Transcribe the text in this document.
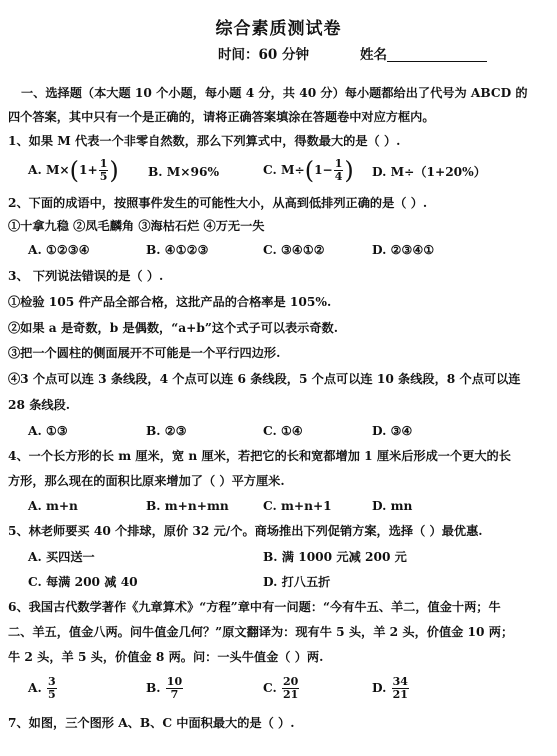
综合素质测试卷
时间：60 分钟	姓名
一、选择题（本大题 10 个小题，每小题 4 分，共 40 分）每小题都给出了代号为 ABCD 的
四个答案，其中只有一个是正确的，请将正确答案填涂在答题卷中对应方框内。
1、如果 M 代表一个非零自然数，那么下列算式中，得数最大的是（ ）.
A. $M\times(1+ \frac{1}{5}$ ) B. M×96%	C. $M\div(1- \frac{1}{4}$ ) D. M÷（1+20%）
2、下面的成语中，按照事件发生的可能性大小，从高到低排列正确的是（ ）.
①十拿九稳 ②凤毛麟角 ③海枯石烂 ④万无一失
A. ①②③④	B. ④①②③	C. ③④①②	D. ②③④①
3、 下列说法错误的是（ ）.
①检验 105 件产品全部合格，这批产品的合格率是 105%.
②如果 a 是奇数，b 是偶数，“a+b”这个式子可以表示奇数.
③把一个圆柱的侧面展开不可能是一个平行四边形.
④3 个点可以连 3 条线段，4 个点可以连 6 条线段，5 个点可以连 10 条线段，8 个点可以连
28 条线段.
A. ①③	B. ②③	C. ①④	D. ③④
4、一个长方形的长 m 厘米，宽 n 厘米，若把它的长和宽都增加 1 厘米后形成一个更大的长
方形，那么现在的面积比原来增加了（ ）平方厘米.
A. m+n	B. m+n+mn	C. m+n+1	D. mn
5、林老师要买 40 个排球，原价 32 元/个。商场推出下列促销方案，选择（ ）最优惠.
A. 买四送一	B. 满 1000 元减 200 元
C. 每满 200 减 40	D. 打八五折
6、我国古代数学著作《九章算术》“方程”章中有一问题：“今有牛五、羊二，值金十两；牛
二、羊五，值金八两。问牛值金几何？”原文翻译为：现有牛 5 头，羊 2 头，价值金 10 两；
牛 2 头，羊 5 头，价值金 8 两。问：一头牛值金（ ）两.
A. $\frac{3}{5}$	B. $\frac{10}{7}$	C. $\frac{20}{21}$	D. $\frac{34}{21}$
7、如图，三个图形 A、B、C 中面积最大的是（ ）.
